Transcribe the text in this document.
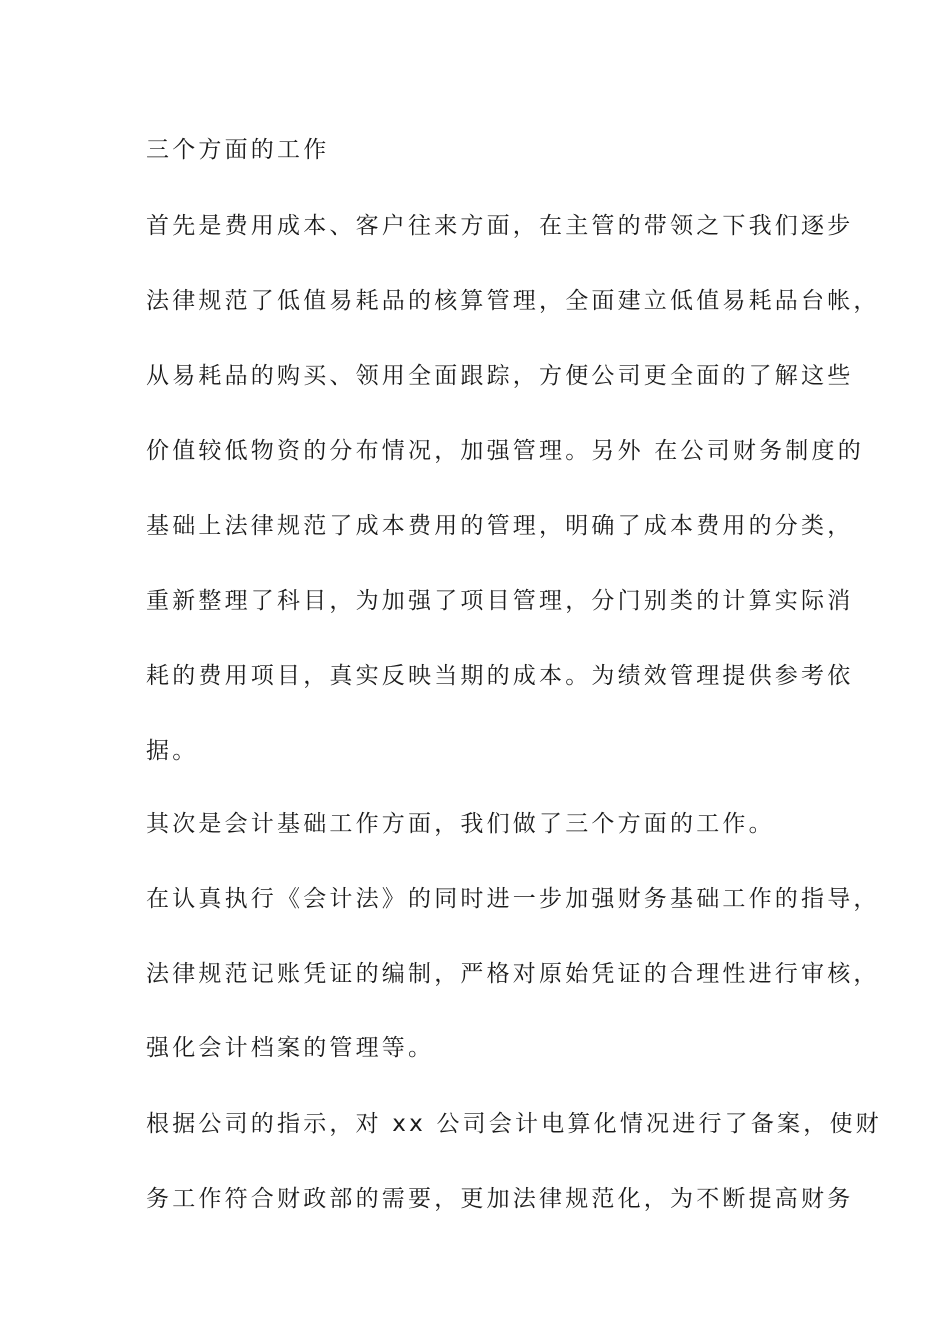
三个方面的工作
首先是费用成本、客户往来方面，在主管的带领之下我们逐步
法律规范了低值易耗品的核算管理，全面建立低值易耗品台帐，
从易耗品的购买、领用全面跟踪，方便公司更全面的了解这些
价值较低物资的分布情况，加强管理。另外 在公司财务制度的
基础上法律规范了成本费用的管理，明确了成本费用的分类，
重新整理了科目，为加强了项目管理，分门别类的计算实际消
耗的费用项目，真实反映当期的成本。为绩效管理提供参考依
据。
其次是会计基础工作方面，我们做了三个方面的工作。
在认真执行《会计法》的同时进一步加强财务基础工作的指导，
法律规范记账凭证的编制，严格对原始凭证的合理性进行审核，
强化会计档案的管理等。
根据公司的指示，对 xx 公司会计电算化情况进行了备案，使财
务工作符合财政部的需要，更加法律规范化，为不断提高财务
